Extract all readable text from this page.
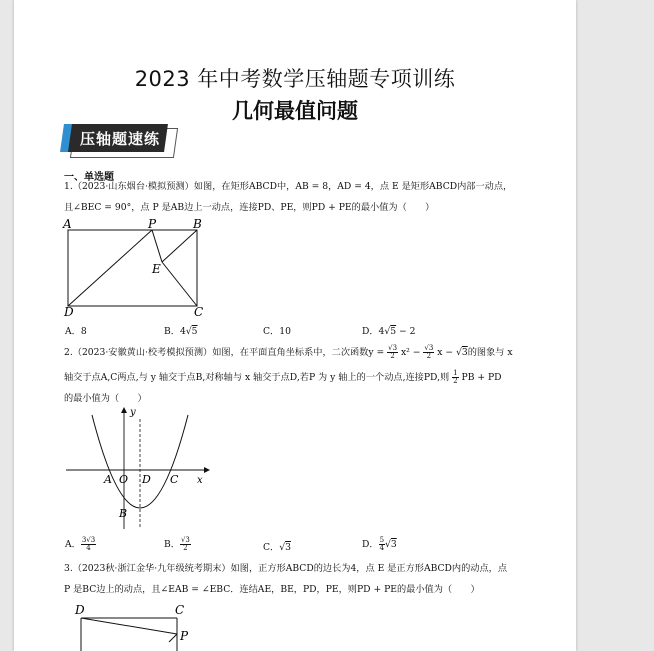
2023 年中考数学压轴题专项训练
几何最值问题
压轴题速练
一、单选题
1.（2023·山东烟台·模拟预测）如图，在矩形ABCD中，AB = 8，AD = 4，点 E 是矩形ABCD内部一动点，
且∠BEC = 90°，点 P 是AB边上一动点，连接PD、PE，则PD + PE的最小值为（　　）
A	P	B
E
D	C
A．8	B．4√5	C．10	D．4√5 − 2
2.（2023·安徽黄山·校考模拟预测）如图，在平面直角坐标系中，二次函数$y = \frac{√3}{2} x^2 - \frac{√3}{2}$ x − √3的图象与 x
轴交于点A,C两点,与 y 轴交于点B,对称轴与 x 轴交于点D,若P 为 y 轴上的一个动点,连接PD,则 $\frac{1}{2}$ PB + PD
的最小值为（　　）
y
x
A O D C
B
A． $\frac{3√3}{4}$	B． $\frac{√3}{2}$	C．√3	D． $\frac{5}{4} √3$
3.（2023秋·浙江金华·九年级统考期末）如图，正方形ABCD的边长为4，点 E 是正方形ABCD内的动点，点
P 是BC边上的动点，且∠EAB = ∠EBC．连结AE，BE，PD，PE，则PD + PE的最小值为（　　）
D	C
P
